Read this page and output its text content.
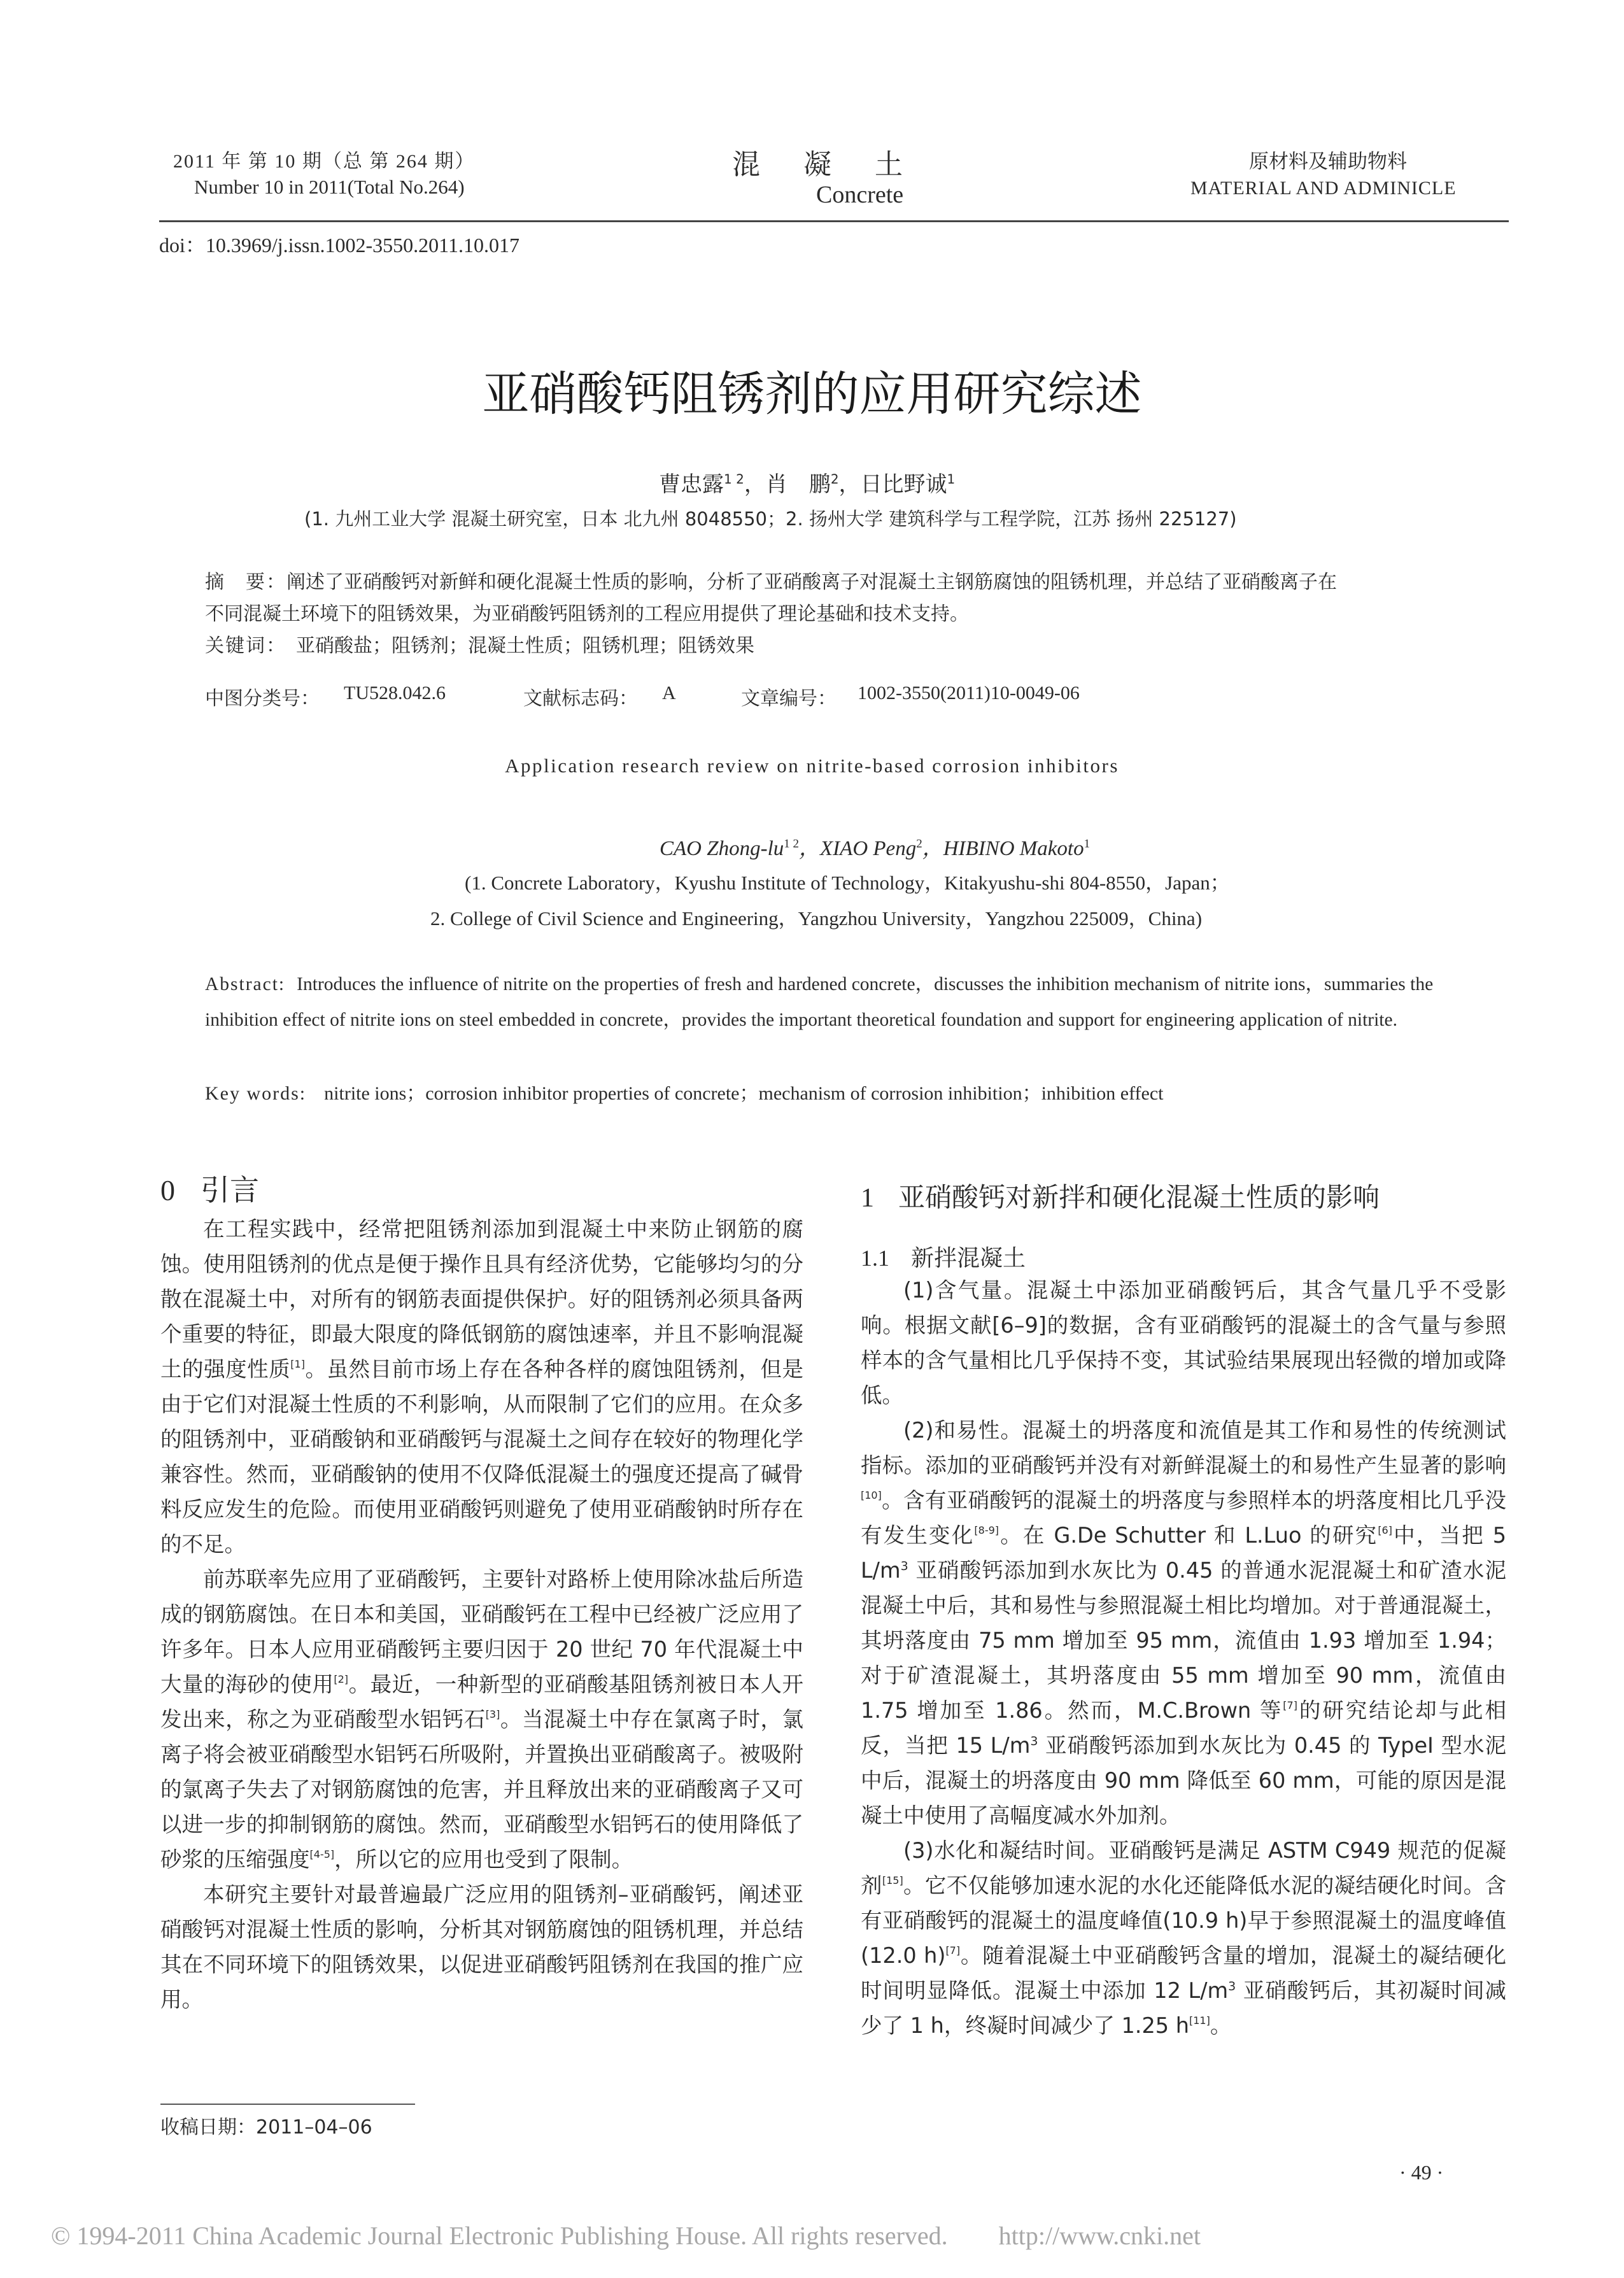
2011 年 第 10 期（总 第 264 期）
Number 10 in 2011(Total No.264)
混凝土
Concrete
原材料及辅助物料
MATERIAL AND ADMINICLE
doi：10.3969/j.issn.1002-3550.2011.10.017
亚硝酸钙阻锈剂的应用研究综述
曹忠露$^{1 2}$，肖　鹏$^2$，日比野诚$^1$
(1. 九州工业大学 混凝土研究室，日本 北九州 8048550；2. 扬州大学 建筑科学与工程学院，江苏 扬州 225127)
摘　要：阐述了亚硝酸钙对新鲜和硬化混凝土性质的影响，分析了亚硝酸离子对混凝土主钢筋腐蚀的阻锈机理，并总结了亚硝酸离子在
不同混凝土环境下的阻锈效果，为亚硝酸钙阻锈剂的工程应用提供了理论基础和技术支持。
关键词：　 亚硝酸盐；阻锈剂；混凝土性质；阻锈机理；阻锈效果
中图分类号： TU528.042.6	文献标志码： A	文章编号： 1002-3550(2011)10-0049-06
Application research review on nitrite-based corrosion inhibitors
CAO Zhong-$lu^{1 2}$，XIAO Peng$^2$，HIBINO Makoto$^1$
(1. Concrete Laboratory，Kyushu Institute of Technology，Kitakyushu-shi 804-8550，Japan；
2. College of Civil Science and Engineering，Yangzhou University，Yangzhou 225009，China)
Abstract: Introduces the influence of nitrite on the properties of fresh and hardened concrete，discusses the inhibition mechanism of nitrite ions，summaries the inhibition effect of nitrite ions on steel embedded in concrete，provides the important theoretical foundation and support for engineering application of nitrite.
Key words: nitrite ions；corrosion inhibitor properties of concrete；mechanism of corrosion inhibition；inhibition effect
0 引言

在工程实践中，经常把阻锈剂添加到混凝土中来防止钢筋的腐蚀。使用阻锈剂的优点是便于操作且具有经济优势，它能够均匀的分散在混凝土中，对所有的钢筋表面提供保护。好的阻锈剂必须具备两个重要的特征，即最大限度的降低钢筋的腐蚀速率，并且不影响混凝土的强度性质[1]。虽然目前市场上存在各种各样的腐蚀阻锈剂，但是由于它们对混凝土性质的不利影响，从而限制了它们的应用。在众多的阻锈剂中，亚硝酸钠和亚硝酸钙与混凝土之间存在较好的物理化学兼容性。然而，亚硝酸钠的使用不仅降低混凝土的强度还提高了碱骨料反应发生的危险。而使用亚硝酸钙则避免了使用亚硝酸钠时所存在的不足。

前苏联率先应用了亚硝酸钙，主要针对路桥上使用除冰盐后所造成的钢筋腐蚀。在日本和美国，亚硝酸钙在工程中已经被广泛应用了许多年。日本人应用亚硝酸钙主要归因于 20 世纪 70 年代混凝土中大量的海砂的使用[2]。最近，一种新型的亚硝酸基阻锈剂被日本人开发出来，称之为亚硝酸型水铝钙石[3]。当混凝土中存在氯离子时，氯离子将会被亚硝酸型水铝钙石所吸附，并置换出亚硝酸离子。被吸附的氯离子失去了对钢筋腐蚀的危害，并且释放出来的亚硝酸离子又可以进一步的抑制钢筋的腐蚀。然而，亚硝酸型水铝钙石的使用降低了砂浆的压缩强度[4-5]，所以它的应用也受到了限制。

本研究主要针对最普遍最广泛应用的阻锈剂–亚硝酸钙，阐述亚硝酸钙对混凝土性质的影响，分析其对钢筋腐蚀的阻锈机理，并总结其在不同环境下的阻锈效果，以促进亚硝酸钙阻锈剂在我国的推广应用。

收稿日期：2011–04–06
1 亚硝酸钙对新拌和硬化混凝土性质的影响
1.1 新拌混凝土

(1)含气量。混凝土中添加亚硝酸钙后，其含气量几乎不受影响。根据文献[6–9]的数据，含有亚硝酸钙的混凝土的含气量与参照样本的含气量相比几乎保持不变，其试验结果展现出轻微的增加或降低。

(2)和易性。混凝土的坍落度和流值是其工作和易性的传统测试指标。添加的亚硝酸钙并没有对新鲜混凝土的和易性产生显著的影响[10]。含有亚硝酸钙的混凝土的坍落度与参照样本的坍落度相比几乎没有发生变化[8-9]。在 G.De Schutter 和 L.Luo 的研究[6]中，当把 5 $L/m^3$ 亚硝酸钙添加到水灰比为 0.45 的普通水泥混凝土和矿渣水泥混凝土中后，其和易性与参照混凝土相比均增加。对于普通混凝土，其坍落度由 75 mm 增加至 95 mm，流值由 1.93 增加至 1.94；对于矿渣混凝土，其坍落度由 55 mm 增加至 90 mm，流值由 1.75 增加至 1.86。然而，M.C.Brown 等[7]的研究结论却与此相反，当把 15 $L/m^3$ 亚硝酸钙添加到水灰比为 0.45 的 TypeI 型水泥中后，混凝土的坍落度由 90 mm 降低至 60 mm，可能的原因是混凝土中使用了高幅度减水外加剂。

(3)水化和凝结时间。亚硝酸钙是满足 ASTM C949 规范的促凝剂[15]。它不仅能够加速水泥的水化还能降低水泥的凝结硬化时间。含有亚硝酸钙的混凝土的温度峰值(10.9 h)早于参照混凝土的温度峰值(12.0 h)[7]。随着混凝土中亚硝酸钙含量的增加，混凝土的凝结硬化时间明显降低。混凝土中添加 12 $L/m^3$ 亚硝酸钙后，其初凝时间减少了 1 h，终凝时间减少了 1.25 h[11]。

· 49 ·
© 1994-2011 China Academic Journal Electronic Publishing House. All rights reserved.　　http://www.cnki.net
